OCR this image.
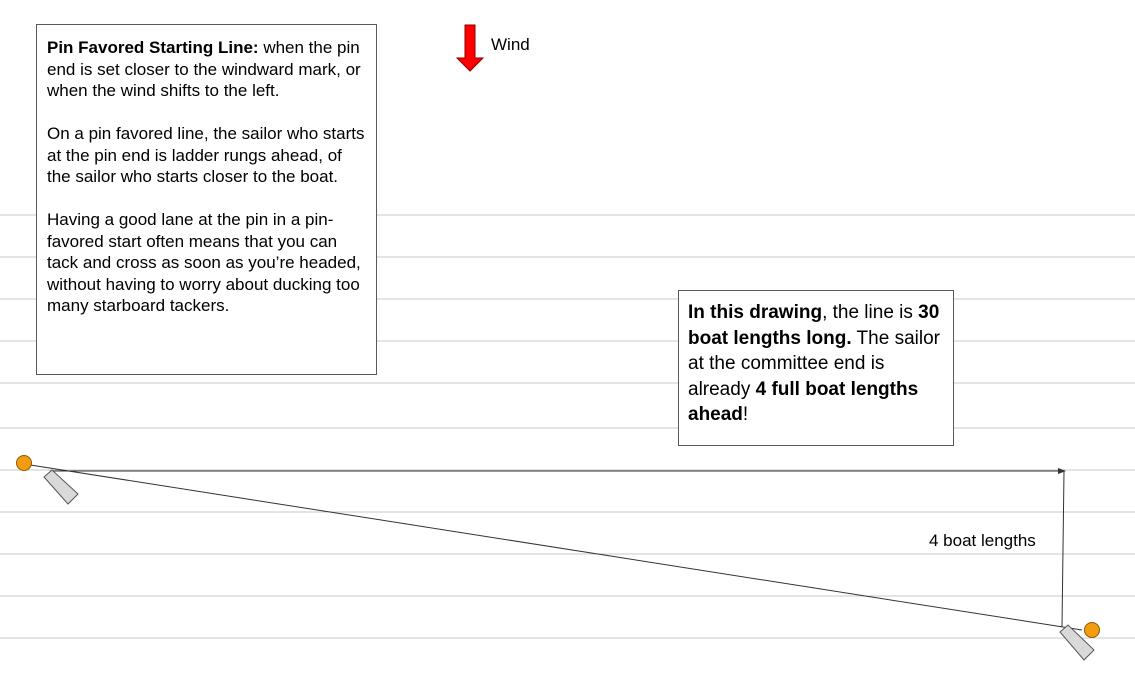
Wind

Pin Favored Starting Line: when the pin end is set closer to the windward mark, or when the wind shifts to the left.

On a pin favored line, the sailor who starts at the pin end is ladder rungs ahead, of the sailor who starts closer to the boat.

Having a good lane at the pin in a pin-favored start often means that you can tack and cross as soon as you’re headed, without having to worry about ducking too many starboard tackers.	In this drawing, the line is 30 boat lengths long. The sailor at the committee end is already 4 full boat lengths ahead!

4 boat lengths
